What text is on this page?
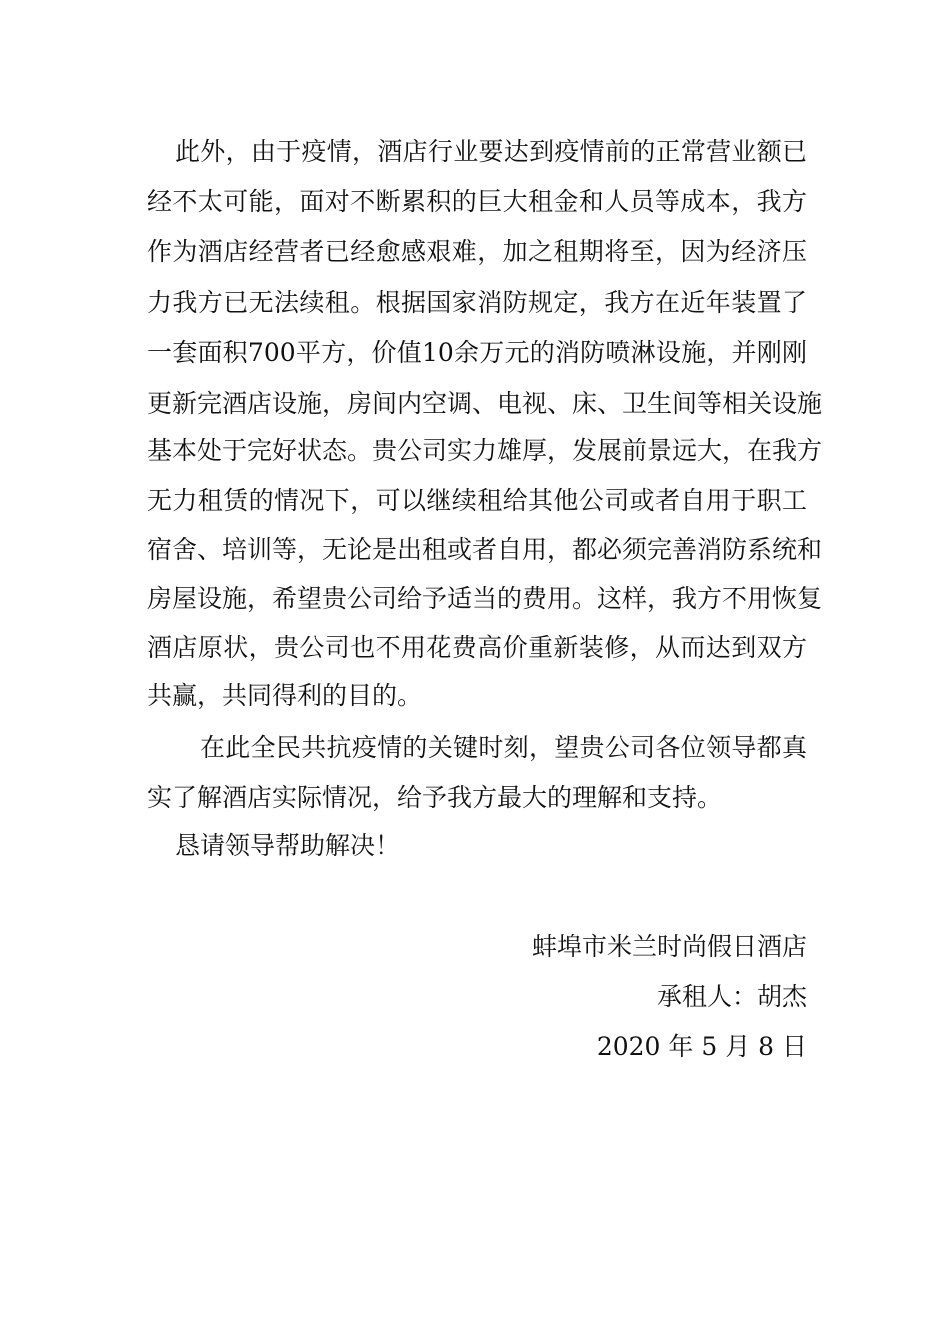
此外，由于疫情，酒店行业要达到疫情前的正常营业额已
经不太可能，面对不断累积的巨大租金和人员等成本，我方
作为酒店经营者已经愈感艰难，加之租期将至，因为经济压
力我方已无法续租。根据国家消防规定，我方在近年装置了
一套面积700平方，价值10余万元的消防喷淋设施，并刚刚
更新完酒店设施，房间内空调、电视、床、卫生间等相关设施
基本处于完好状态。贵公司实力雄厚，发展前景远大，在我方
无力租赁的情况下，可以继续租给其他公司或者自用于职工
宿舍、培训等，无论是出租或者自用，都必须完善消防系统和
房屋设施，希望贵公司给予适当的费用。这样，我方不用恢复
酒店原状，贵公司也不用花费高价重新装修，从而达到双方
共赢，共同得利的目的。
在此全民共抗疫情的关键时刻，望贵公司各位领导都真
实了解酒店实际情况，给予我方最大的理解和支持。
恳请领导帮助解决！
蚌埠市米兰时尚假日酒店
承租人：胡杰
2020 年 5 月 8 日
